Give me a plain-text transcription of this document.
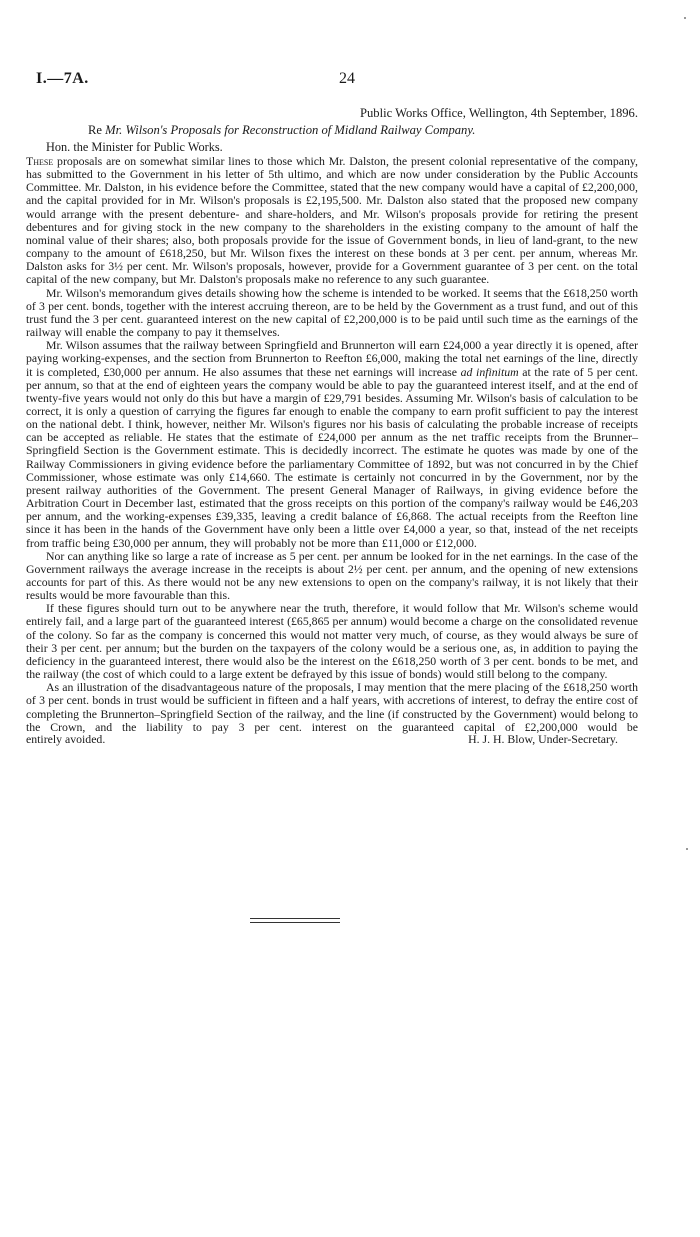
I.—7A.	24
Public Works Office, Wellington, 4th September, 1896.
Re Mr. Wilson's Proposals for Reconstruction of Midland Railway Company.
Hon. the Minister for Public Works.

These proposals are on somewhat similar lines to those which Mr. Dalston, the present colonial representative of the company, has submitted to the Government in his letter of 5th ultimo, and which are now under consideration by the Public Accounts Committee. Mr. Dalston, in his evidence before the Committee, stated that the new company would have a capital of £2,200,000, and the capital provided for in Mr. Wilson's proposals is £2,195,500. Mr. Dalston also stated that the proposed new company would arrange with the present debenture- and share-holders, and Mr. Wilson's proposals provide for retiring the present debentures and for giving stock in the new company to the shareholders in the existing company to the amount of half the nominal value of their shares; also, both proposals provide for the issue of Government bonds, in lieu of land-grant, to the new company to the amount of £618,250, but Mr. Wilson fixes the interest on these bonds at 3 per cent. per annum, whereas Mr. Dalston asks for 3½ per cent. Mr. Wilson's proposals, however, provide for a Government guarantee of 3 per cent. on the total capital of the new company, but Mr. Dalston's proposals make no reference to any such guarantee.

Mr. Wilson's memorandum gives details showing how the scheme is intended to be worked. It seems that the £618,250 worth of 3 per cent. bonds, together with the interest accruing thereon, are to be held by the Government as a trust fund, and out of this trust fund the 3 per cent. guaranteed interest on the new capital of £2,200,000 is to be paid until such time as the earnings of the railway will enable the company to pay it themselves.

Mr. Wilson assumes that the railway between Springfield and Brunnerton will earn £24,000 a year directly it is opened, after paying working-expenses, and the section from Brunnerton to Reefton £6,000, making the total net earnings of the line, directly it is completed, £30,000 per annum. He also assumes that these net earnings will increase ad infinitum at the rate of 5 per cent. per annum, so that at the end of eighteen years the company would be able to pay the guaranteed interest itself, and at the end of twenty-five years would not only do this but have a margin of £29,791 besides. Assuming Mr. Wilson's basis of calculation to be correct, it is only a question of carrying the figures far enough to enable the company to earn profit sufficient to pay the interest on the national debt. I think, however, neither Mr. Wilson's figures nor his basis of calculating the probable increase of receipts can be accepted as reliable. He states that the estimate of £24,000 per annum as the net traffic receipts from the Brunner–Springfield Section is the Government estimate. This is decidedly incorrect. The estimate he quotes was made by one of the Railway Commissioners in giving evidence before the parliamentary Committee of 1892, but was not concurred in by the Chief Commissioner, whose estimate was only £14,660. The estimate is certainly not concurred in by the Government, nor by the present railway authorities of the Government. The present General Manager of Railways, in giving evidence before the Arbitration Court in December last, estimated that the gross receipts on this portion of the company's railway would be £46,203 per annum, and the working-expenses £39,335, leaving a credit balance of £6,868. The actual receipts from the Reefton line since it has been in the hands of the Government have only been a little over £4,000 a year, so that, instead of the net receipts from traffic being £30,000 per annum, they will probably not be more than £11,000 or £12,000.

Nor can anything like so large a rate of increase as 5 per cent. per annum be looked for in the net earnings. In the case of the Government railways the average increase in the receipts is about 2½ per cent. per annum, and the opening of new extensions accounts for part of this. As there would not be any new extensions to open on the company's railway, it is not likely that their results would be more favourable than this.

If these figures should turn out to be anywhere near the truth, therefore, it would follow that Mr. Wilson's scheme would entirely fail, and a large part of the guaranteed interest (£65,865 per annum) would become a charge on the consolidated revenue of the colony. So far as the company is concerned this would not matter very much, of course, as they would always be sure of their 3 per cent. per annum; but the burden on the taxpayers of the colony would be a serious one, as, in addition to paying the deficiency in the guaranteed interest, there would also be the interest on the £618,250 worth of 3 per cent. bonds to be met, and the railway (the cost of which could to a large extent be defrayed by this issue of bonds) would still belong to the company.

As an illustration of the disadvantageous nature of the proposals, I may mention that the mere placing of the £618,250 worth of 3 per cent. bonds in trust would be sufficient in fifteen and a half years, with accretions of interest, to defray the entire cost of completing the Brunnerton–Springfield Section of the railway, and the line (if constructed by the Government) would belong to the Crown, and the liability to pay 3 per cent. interest on the guaranteed capital of £2,200,000 would be

entirely avoided.	H. J. H. Blow, Under-Secretary.
